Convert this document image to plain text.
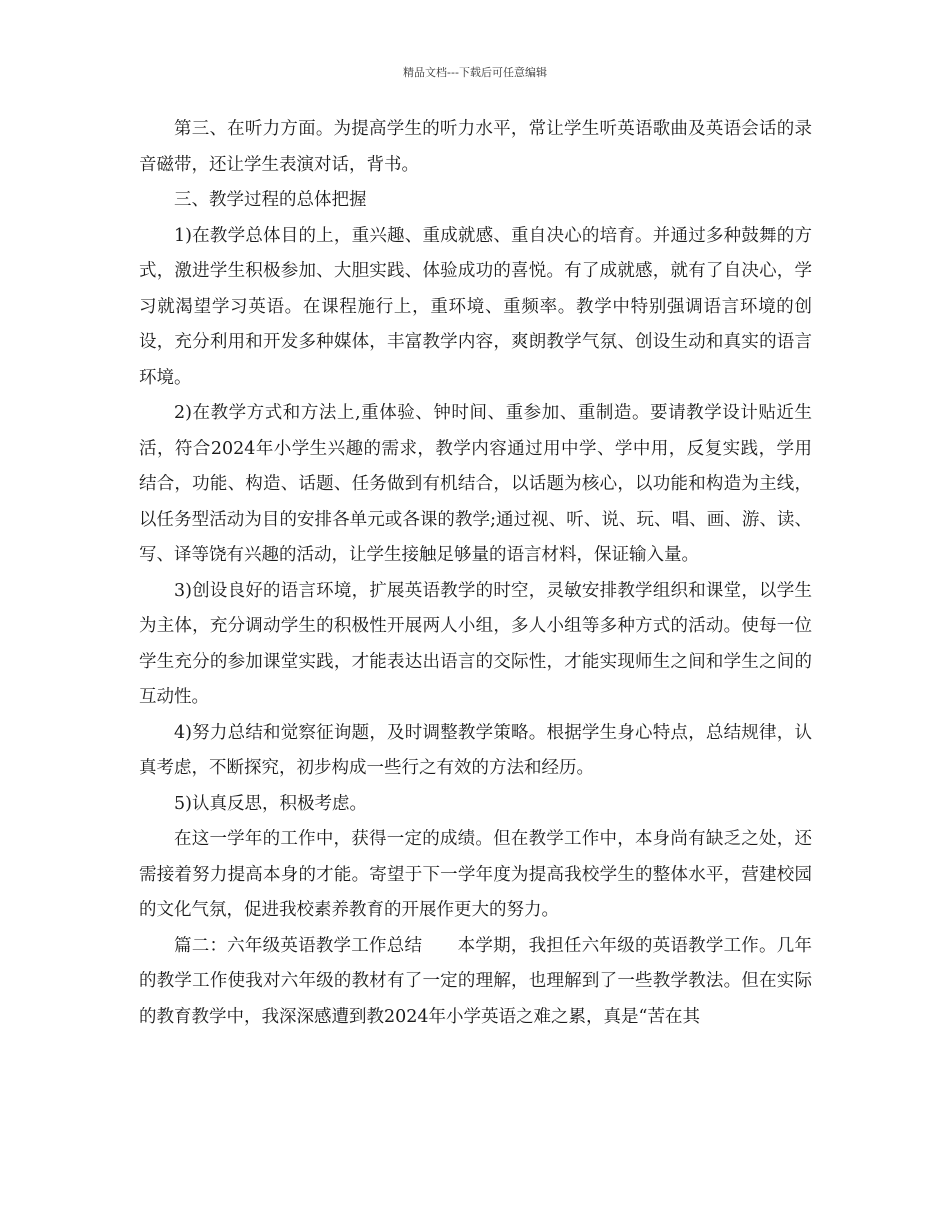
精品文档---下载后可任意编辑

第三、在听力方面。为提高学生的听力水平，常让学生听英语歌曲及英语会话的录音磁带，还让学生表演对话，背书。

三、教学过程的总体把握

1)在教学总体目的上，重兴趣、重成就感、重自决心的培育。并通过多种鼓舞的方式，激进学生积极参加、大胆实践、体验成功的喜悦。有了成就感，就有了自决心，学习就渴望学习英语。在课程施行上，重环境、重频率。教学中特别强调语言环境的创设，充分利用和开发多种媒体，丰富教学内容，爽朗教学气氛、创设生动和真实的语言环境。

2)在教学方式和方法上,重体验、钟时间、重参加、重制造。要请教学设计贴近生活，符合2024年小学生兴趣的需求，教学内容通过用中学、学中用，反复实践，学用结合，功能、构造、话题、任务做到有机结合，以话题为核心，以功能和构造为主线，以任务型活动为目的安排各单元或各课的教学;通过视、听、说、玩、唱、画、游、读、写、译等饶有兴趣的活动，让学生接触足够量的语言材料，保证输入量。

3)创设良好的语言环境，扩展英语教学的时空，灵敏安排教学组织和课堂，以学生为主体，充分调动学生的积极性开展两人小组，多人小组等多种方式的活动。使每一位学生充分的参加课堂实践，才能表达出语言的交际性，才能实现师生之间和学生之间的互动性。

4)努力总结和觉察征询题，及时调整教学策略。根据学生身心特点，总结规律，认真考虑，不断探究，初步构成一些行之有效的方法和经历。

5)认真反思，积极考虑。

在这一学年的工作中，获得一定的成绩。但在教学工作中，本身尚有缺乏之处，还需接着努力提高本身的才能。寄望于下一学年度为提高我校学生的整体水平，营建校园的文化气氛，促进我校素养教育的开展作更大的努力。

篇二：六年级英语教学工作总结　　本学期，我担任六年级的英语教学工作。几年的教学工作使我对六年级的教材有了一定的理解，也理解到了一些教学教法。但在实际的教育教学中，我深深感遭到教2024年小学英语之难之累，真是“苦在其
